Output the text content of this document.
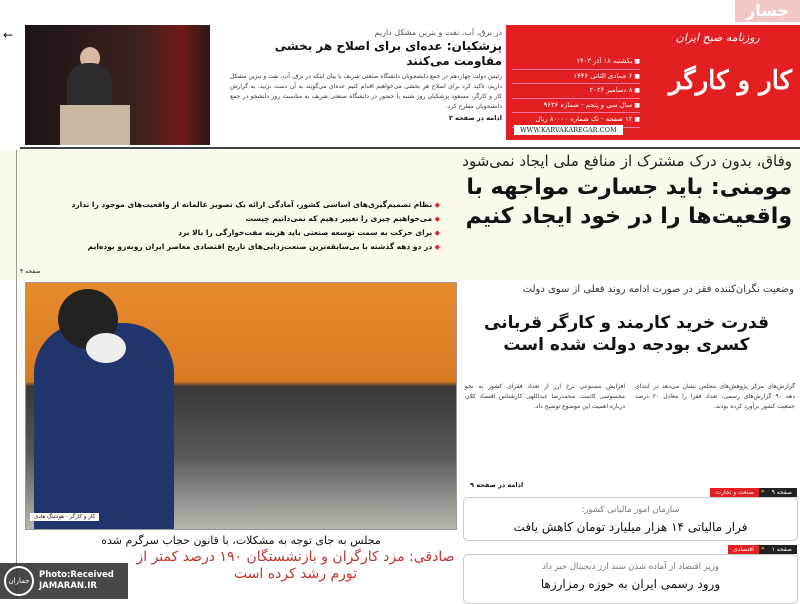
←
جسار
روزنامه صبح ایران
کار و کارگر
■ یکشنبه ۱۸ آذر ۱۴۰۳
■ ۶ جمادی الثانی ۱۴۴۶
■ ۸ دسامبر ۲۰۲۴
■ سال سی و پنجم - شماره ۹۶۳۶
■ ۱۲ صفحه - تک شماره ۸۰۰۰۰ ریال
WWW.KARVAKAREGAR.COM
در برق، آب، نفت و بنزین مشکل داریم
پزشکیان: عده‌ای برای اصلاح هر بخشی مقاومت می‌کنند
رئیس دولت چهاردهم در جمع دانشجویان دانشگاه صنعتی شریف با بیان اینکه در برق، آب، نفت و بنزین مشکل داریم، تاکید کرد برای اصلاح هر بخشی می‌خواهیم اقدام کنیم عده‌ای می‌گویند به آن دست نزنید. به گزارش کار و کارگر، مسعود پزشکیان روز شنبه با حضور در دانشگاه صنعتی شریف به مناسبت روز دانشجو در جمع دانشجویان مطرح کرد.
ادامه در صفحه ۲
وفاق، بدون درک مشترک از منافع ملی ایجاد نمی‌شود
مومنی: باید جسارت مواجهه با واقعیت‌ها را در خود ایجاد کنیم
◆ نظام تصمیم‌گیری‌های اساسی کشور، آمادگی ارائه یک تصویر عالمانه از واقعیت‌های موجود را ندارد
◆ می‌خواهیم چیزی را تغییر دهیم که نمی‌دانیم چیست
◆ برای حرکت به سمت توسعه صنعتی باید هزینه مفت‌خوارگی را بالا برد
◆ در دو دهه گذشته با بی‌سابقه‌ترین صنعت‌زدایی‌های تاریخ اقتصادی معاصر ایران روبه‌رو بوده‌ایم
صفحه ۴
کار و کارگر - هوشنگ هادی
وضعیت نگران‌کننده فقر در صورت ادامه روند فعلی از سوی دولت
قدرت خرید کارمند و کارگر قربانی کسری بودجه دولت شده است
گزارش‌های مرکز پژوهش‌های مجلس نشان می‌دهد در ابتدای دهه ۹۰ گزارش‌های رسمی، تعداد فقرا را معادل ۲۰ درصد جمعیت کشور برآورد کرده بودند.
افزایش مصنوعی نرخ ارز از تعداد فقرای کشور به نحو محسوسی کاست. محمدرضا عبداللهی کارشناس اقتصاد کلان درباره اهمیت این موضوع توضیح داد.
ادامه در صفحه ۹
صفحه ۹
«
صنعت و تجارت
سازمان امور مالیاتی کشور:
فرار مالیاتی ۱۴ هزار میلیارد تومان کاهش یافت
صفحه ۱
«
اقتصادی
وزیر اقتصاد از آماده شدن سند ارز دیجیتال خبر داد
ورود رسمی ایران به حوزه رمزارزها
مجلس به جای توجه به مشکلات، با قانون حجاب سرگرم شده
صادقی: مزد کارگران و بازنشستگان ۱۹۰ درصد کمتر از تورم رشد کرده است
جماران
Photo:Received
JAMARAN.IR
